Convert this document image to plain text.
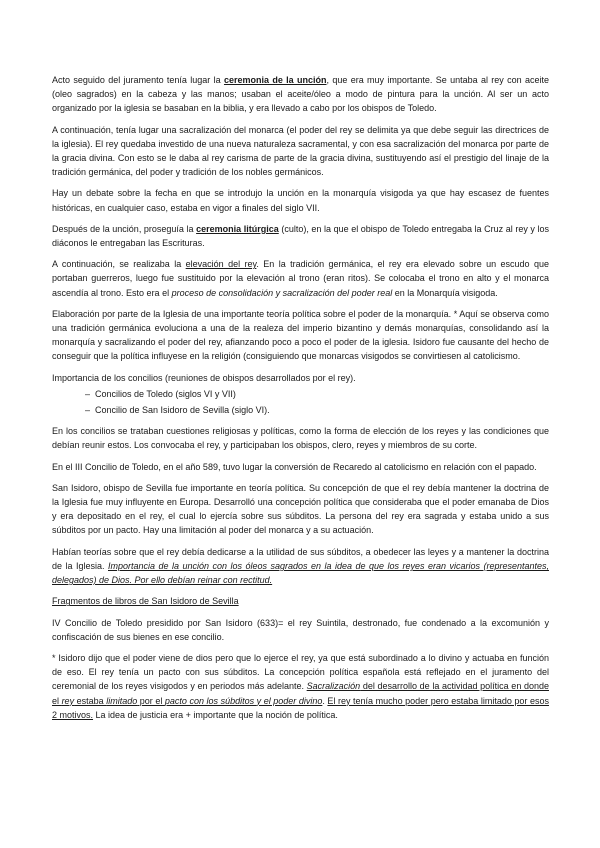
Acto seguido del juramento tenía lugar la ceremonia de la unción, que era muy importante. Se untaba al rey con aceite (oleo sagrados) en la cabeza y las manos; usaban el aceite/óleo a modo de pintura para la unción. Al ser un acto organizado por la iglesia se basaban en la biblia, y era llevado a cabo por los obispos de Toledo.

A continuación, tenía lugar una sacralización del monarca (el poder del rey se delimita ya que debe seguir las directrices de la iglesia). El rey quedaba investido de una nueva naturaleza sacramental, y con esa sacralización del monarca por parte de la gracia divina. Con esto se le daba al rey carisma de parte de la gracia divina, sustituyendo así el prestigio del linaje de la tradición germánica, del poder y tradición de los nobles germánicos.

Hay un debate sobre la fecha en que se introdujo la unción en la monarquía visigoda ya que hay escasez de fuentes históricas, en cualquier caso, estaba en vigor a finales del siglo VII.

Después de la unción, proseguía la ceremonia litúrgica (culto), en la que el obispo de Toledo entregaba la Cruz al rey y los diáconos le entregaban las Escrituras.

A continuación, se realizaba la elevación del rey. En la tradición germánica, el rey era elevado sobre un escudo que portaban guerreros, luego fue sustituido por la elevación al trono (eran ritos). Se colocaba el trono en alto y el monarca ascendía al trono. Esto era el proceso de consolidación y sacralización del poder real en la Monarquía visigoda.

Elaboración por parte de la Iglesia de una importante teoría política sobre el poder de la monarquía. * Aquí se observa como una tradición germánica evoluciona a una de la realeza del imperio bizantino y demás monarquías, consolidando así la monarquía y sacralizando el poder del rey, afianzando poco a poco el poder de la iglesia. Isidoro fue causante del hecho de conseguir que la política influyese en la religión (consiguiendo que monarcas visigodos se convirtiesen al catolicismo.

Importancia de los concilios (reuniones de obispos desarrollados por el rey).

– Concilios de Toledo (siglos VI y VII)
– Concilio de San Isidoro de Sevilla (siglo VI).

En los concilios se trataban cuestiones religiosas y políticas, como la forma de elección de los reyes y las condiciones que debían reunir estos. Los convocaba el rey, y participaban los obispos, clero, reyes y miembros de su corte.

En el III Concilio de Toledo, en el año 589, tuvo lugar la conversión de Recaredo al catolicismo en relación con el papado.

San Isidoro, obispo de Sevilla fue importante en teoría política. Su concepción de que el rey debía mantener la doctrina de la Iglesia fue muy influyente en Europa. Desarrolló una concepción política que consideraba que el poder emanaba de Dios y era depositado en el rey, el cual lo ejercía sobre sus súbditos. La persona del rey era sagrada y estaba unido a sus súbditos por un pacto. Hay una limitación al poder del monarca y a su actuación.

Habían teorías sobre que el rey debía dedicarse a la utilidad de sus súbditos, a obedecer las leyes y a mantener la doctrina de la Iglesia. Importancia de la unción con los óleos sagrados en la idea de que los reyes eran vicarios (representantes, delegados) de Dios. Por ello debían reinar con rectitud.

Fragmentos de libros de San Isidoro de Sevilla

IV Concilio de Toledo presidido por San Isidoro (633)= el rey Suintila, destronado, fue condenado a la excomunión y confiscación de sus bienes en ese concilio.

* Isidoro dijo que el poder viene de dios pero que lo ejerce el rey, ya que está subordinado a lo divino y actuaba en función de eso. El rey tenía un pacto con sus súbditos. La concepción política española está reflejado en el juramento del ceremonial de los reyes visigodos y en periodos más adelante. Sacralización del desarrollo de la actividad política en donde el rey estaba limitado por el pacto con los súbditos y el poder divino. El rey tenía mucho poder pero estaba limitado por esos 2 motivos. La idea de justicia era + importante que la noción de política.
